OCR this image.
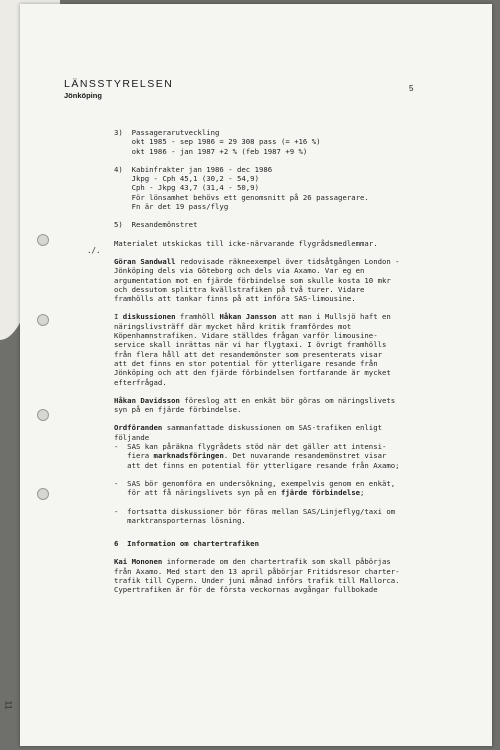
LÄNSSTYRELSEN
Jönköping
5
./.
3)  Passagerarutveckling
okt 1985 - sep 1986 = 29 308 pass (= +16 %)
okt 1986 - jan 1987 +2 % (feb 1987 +9 %)
4)  Kabinfrakter jan 1986 - dec 1986
Jkpg - Cph 45,1 (30,2 - 54,9)
Cph - Jkpg 43,7 (31,4 - 50,9)
För lönsamhet behövs ett genomsnitt på 26 passagerare.
Fn är det 19 pass/flyg
5)  Resandemönstret
Materialet utskickas till icke-närvarande flygrådsmedlemmar.
Göran Sandwall redovisade räkneexempel över tidsåtgången London -
Jönköping dels via Göteborg och dels via Axamo. Var eg en
argumentation mot en fjärde förbindelse som skulle kosta 10 mkr
och dessutom splittra kvällstrafiken på två turer. Vidare
framhölls att tankar finns på att införa SAS-limousine.
I diskussionen framhöll Håkan Jansson att man i Mullsjö haft en
näringslivsträff där mycket hård kritik framfördes mot
Köpenhamnstrafiken. Vidare ställdes frågan varför limousine-
service skall inrättas när vi har flygtaxi. I övrigt framhölls
från flera håll att det resandemönster som presenterats visar
att det finns en stor potential för ytterligare resande från
Jönköping och att den fjärde förbindelsen fortfarande är mycket
efterfrågad.
Håkan Davidsson föreslog att en enkät bör göras om näringslivets
syn på en fjärde förbindelse.
Ordföranden sammanfattade diskussionen om SAS-trafiken enligt
följande
-  SAS kan påräkna flygrådets stöd när det gäller att intensi-
fiera marknadsföringen. Det nuvarande resandemönstret visar
att det finns en potential för ytterligare resande från Axamo;
-  SAS bör genomföra en undersökning, exempelvis genom en enkät,
för att få näringslivets syn på en fjärde förbindelse;
-  fortsatta diskussioner bör föras mellan SAS/Linjeflyg/taxi om
marktransporternas lösning.
6  Information om chartertrafiken
Kai Mononen informerade om den chartertrafik som skall påbörjas
från Axamo. Med start den 13 april påbörjar Fritidsresor charter-
trafik till Cypern. Under juni månad införs trafik till Mallorca.
Cypertrafiken är för de första veckornas avgångar fullbokade
11
